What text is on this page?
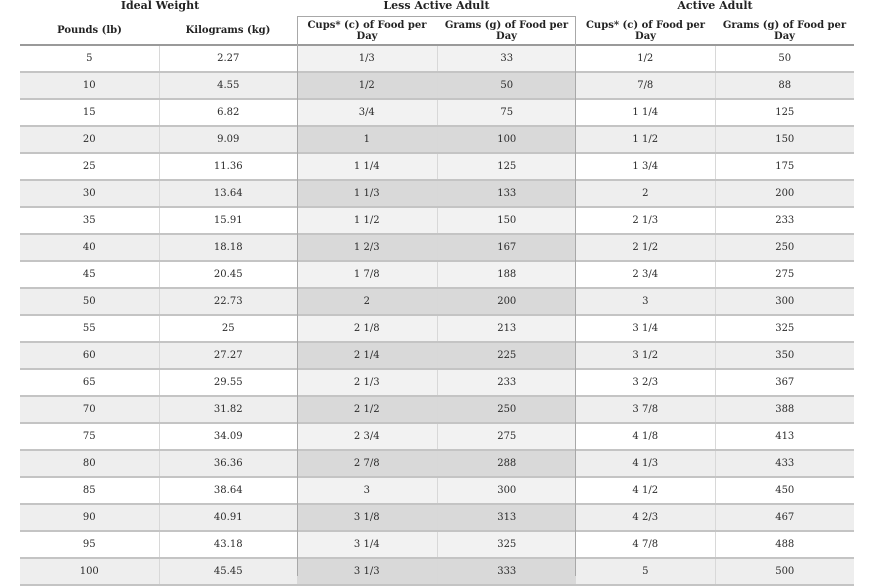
Ideal Weight	Less Active Adult	Active Adult
Pounds (lb)	Kilograms (kg)	Cups* (c) of Food per Day	Grams (g) of Food per Day	Cups* (c) of Food per Day	Grams (g) of Food per Day
5	2.27	1/3	33	1/2	50
10	4.55	1/2	50	7/8	88
15	6.82	3/4	75	1 1/4	125
20	9.09	1	100	1 1/2	150
25	11.36	1 1/4	125	1 3/4	175
30	13.64	1 1/3	133	2	200
35	15.91	1 1/2	150	2 1/3	233
40	18.18	1 2/3	167	2 1/2	250
45	20.45	1 7/8	188	2 3/4	275
50	22.73	2	200	3	300
55	25	2 1/8	213	3 1/4	325
60	27.27	2 1/4	225	3 1/2	350
65	29.55	2 1/3	233	3 2/3	367
70	31.82	2 1/2	250	3 7/8	388
75	34.09	2 3/4	275	4 1/8	413
80	36.36	2 7/8	288	4 1/3	433
85	38.64	3	300	4 1/2	450
90	40.91	3 1/8	313	4 2/3	467
95	43.18	3 1/4	325	4 7/8	488
100	45.45	3 1/3	333	5	500
